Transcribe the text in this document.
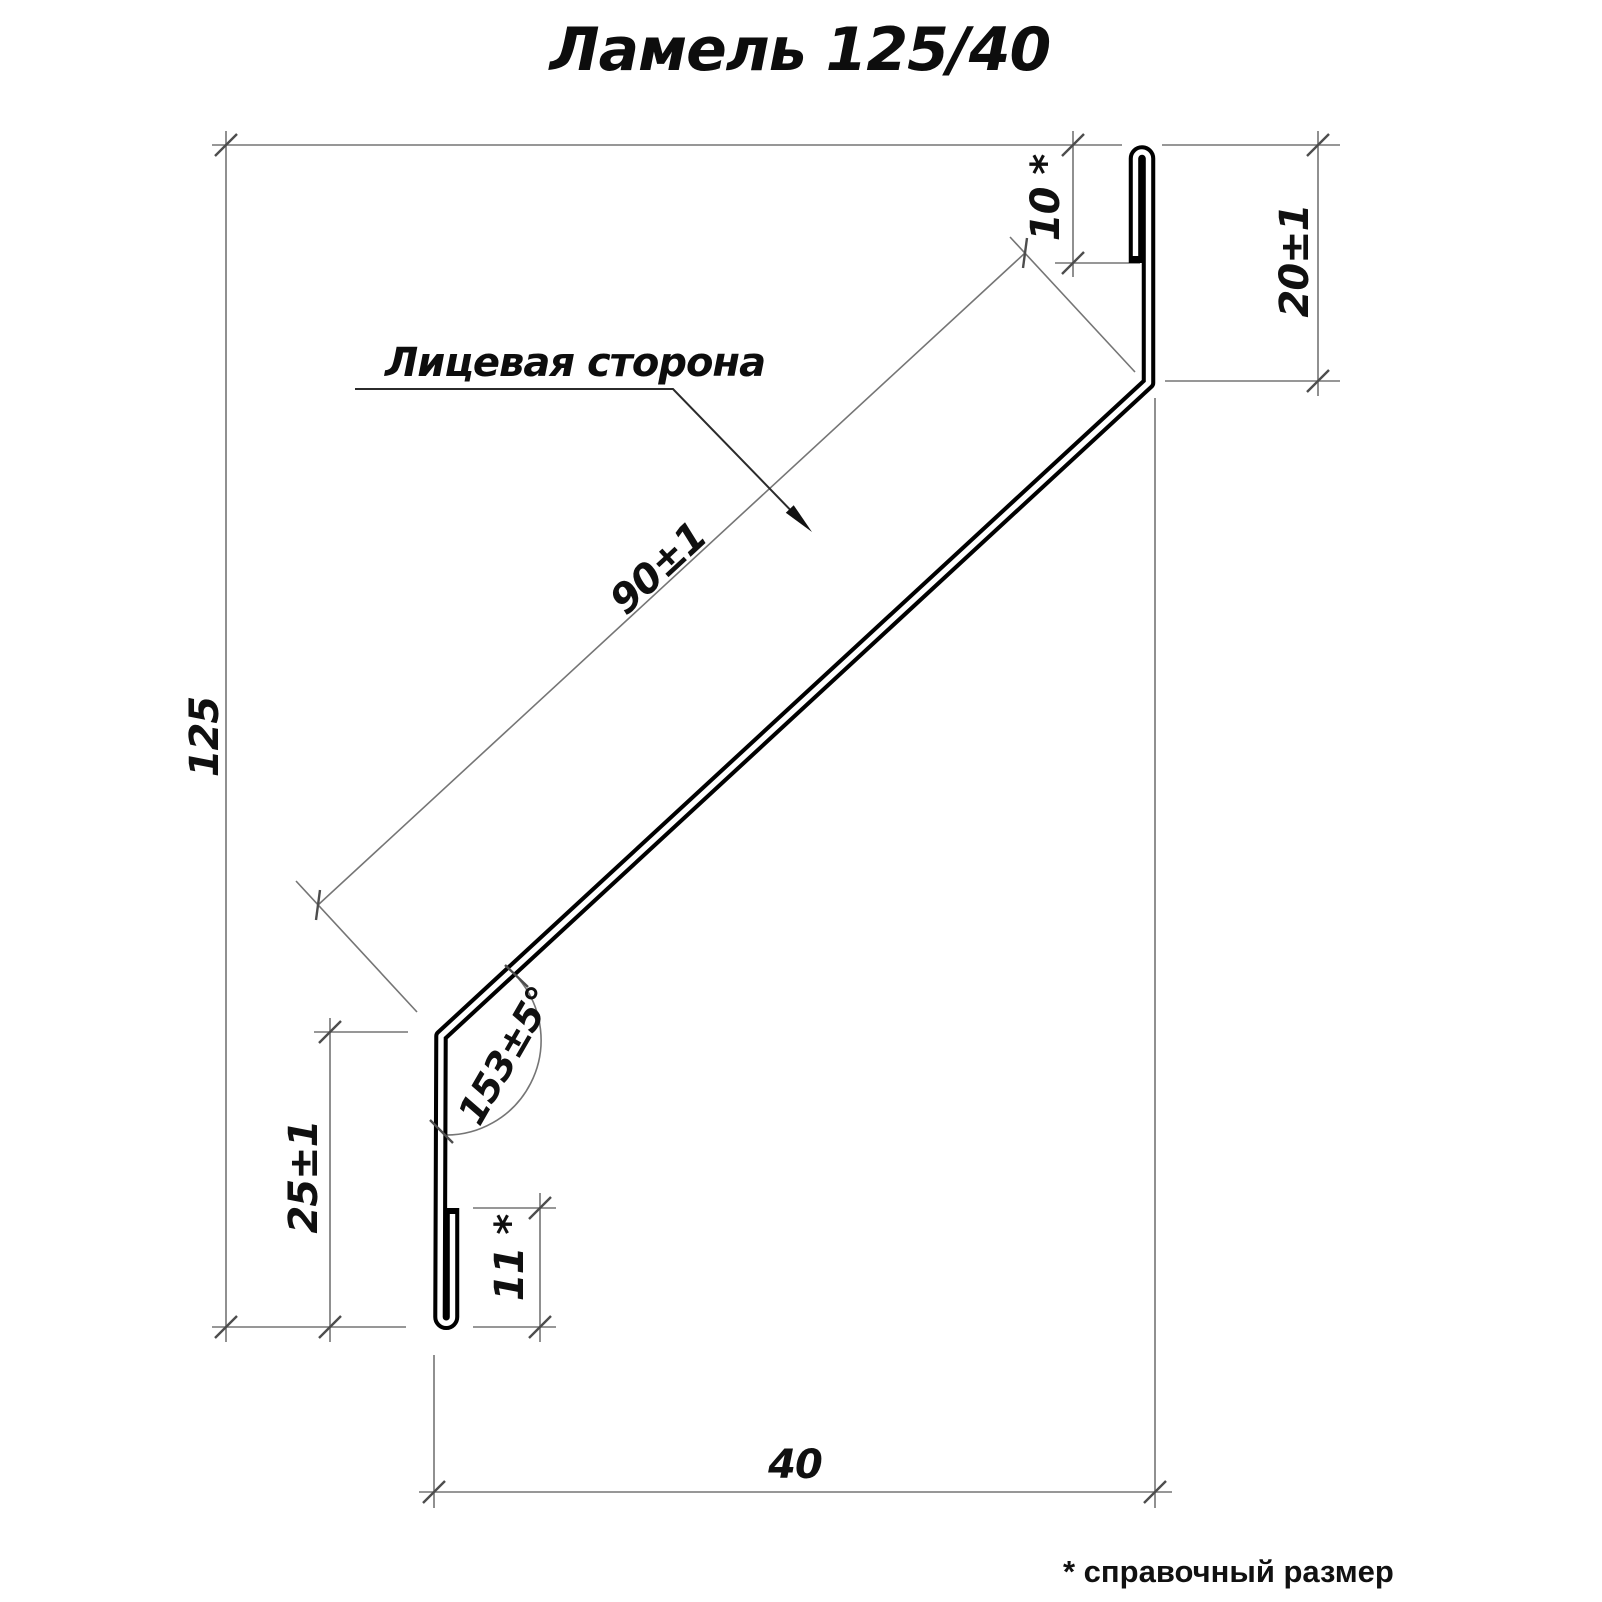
Ламель 125/40
Лицевая сторона
125
25±1
11 *
10 *
20±1
90±1
153±5°
40
* справочный размер
